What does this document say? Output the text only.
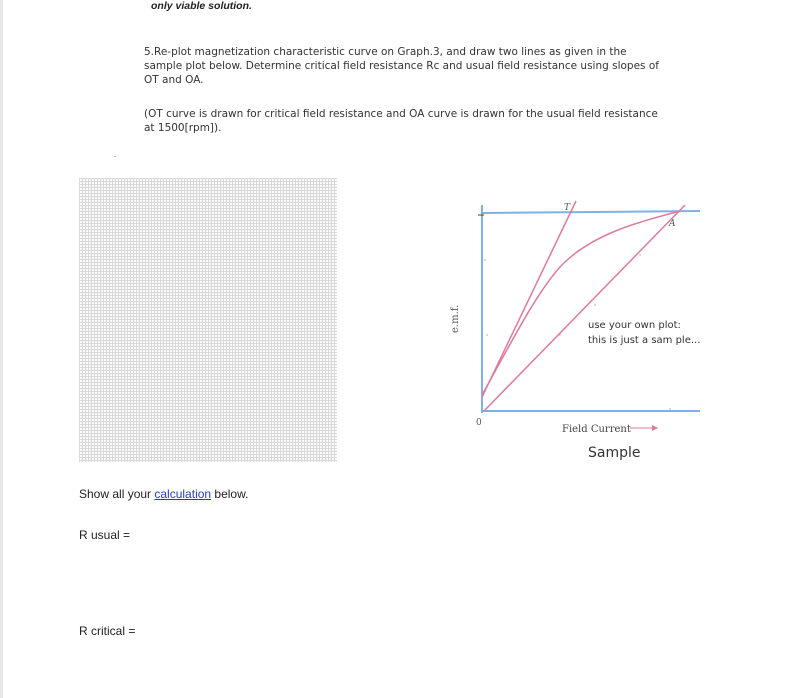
only viable solution.
5.Re-plot magnetization characteristic curve on Graph.3, and draw two lines as given in the
sample plot below. Determine critical field resistance Rc and usual field resistance using slopes of
OT and OA.
(OT curve is drawn for critical field resistance and OA curve is drawn for the usual field resistance
at 1500[rpm]).
.
e.m.f.
0
T
A
use your own plot:
this is just a sam ple...
Field Current
Sample
Show all your calculation below.
R usual =
R critical =
